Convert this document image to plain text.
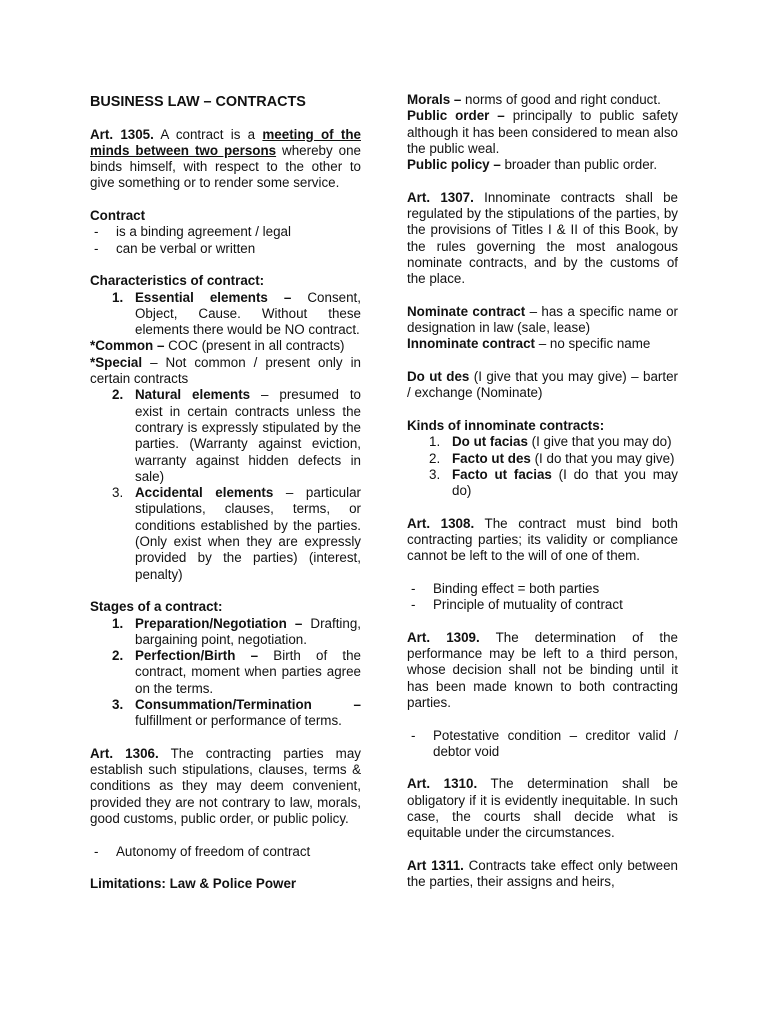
BUSINESS LAW – CONTRACTS

Art. 1305. A contract is a meeting of the minds between two persons whereby one binds himself, with respect to the other to give something or to render some service.

Contract

- is a binding agreement / legal

- can be verbal or written

Characteristics of contract:

1. Essential elements – Consent, Object, Cause. Without these elements there would be NO contract.

*Common – COC (present in all contracts)

*Special – Not common / present only in certain contracts

2. Natural elements – presumed to exist in certain contracts unless the contrary is expressly stipulated by the parties. (Warranty against eviction, warranty against hidden defects in sale)

3. Accidental elements – particular stipulations, clauses, terms, or conditions established by the parties. (Only exist when they are expressly provided by the parties) (interest, penalty)

Stages of a contract:

1. Preparation/Negotiation – Drafting, bargaining point, negotiation.

2. Perfection/Birth – Birth of the contract, moment when parties agree on the terms.

3. Consummation/Termination – fulfillment or performance of terms.

Art. 1306. The contracting parties may establish such stipulations, clauses, terms & conditions as they may deem convenient, provided they are not contrary to law, morals, good customs, public order, or public policy.

- Autonomy of freedom of contract

Limitations: Law & Police Power

Morals – norms of good and right conduct.

Public order – principally to public safety although it has been considered to mean also the public weal.

Public policy – broader than public order.

Art. 1307. Innominate contracts shall be regulated by the stipulations of the parties, by the provisions of Titles I & II of this Book, by the rules governing the most analogous nominate contracts, and by the customs of the place.

Nominate contract – has a specific name or designation in law (sale, lease)

Innominate contract – no specific name

Do ut des (I give that you may give) – barter / exchange (Nominate)

Kinds of innominate contracts:

1. Do ut facias (I give that you may do)

2. Facto ut des (I do that you may give)

3. Facto ut facias (I do that you may do)

Art. 1308. The contract must bind both contracting parties; its validity or compliance cannot be left to the will of one of them.

- Binding effect = both parties

- Principle of mutuality of contract

Art. 1309. The determination of the performance may be left to a third person, whose decision shall not be binding until it has been made known to both contracting parties.

- Potestative condition – creditor valid / debtor void

Art. 1310. The determination shall be obligatory if it is evidently inequitable. In such case, the courts shall decide what is equitable under the circumstances.

Art 1311. Contracts take effect only between the parties, their assigns and heirs,
